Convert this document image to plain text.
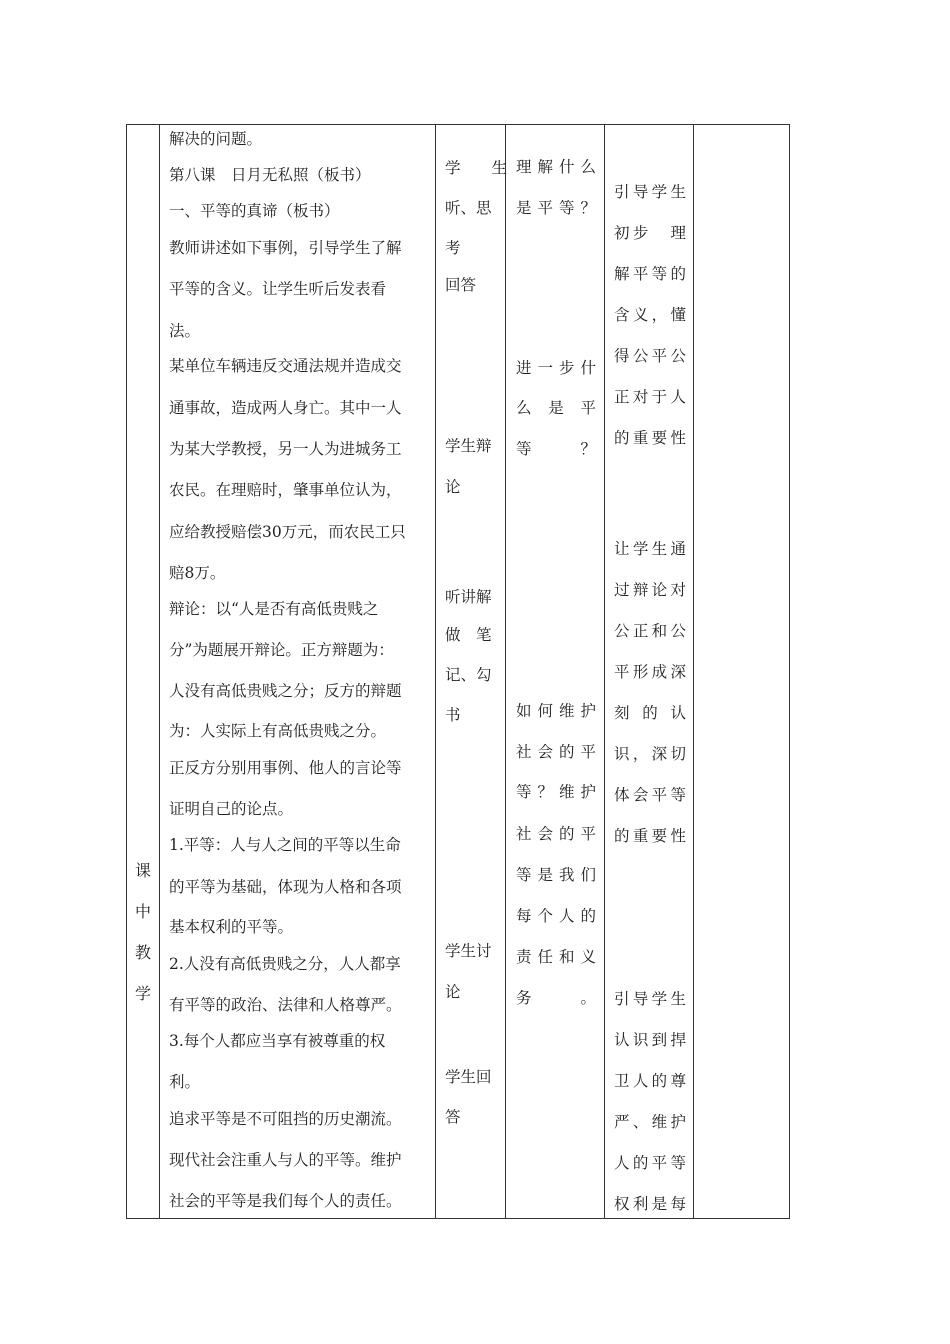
课
中
教
学
解决的问题。
第八课　日月无私照（板书）
一、平等的真谛（板书）
教师讲述如下事例，引导学生了解
平等的含义。让学生听后发表看
法。
某单位车辆违反交通法规并造成交
通事故，造成两人身亡。其中一人
为某大学教授，另一人为进城务工
农民。在理赔时，肇事单位认为，
应给教授赔偿30万元，而农民工只
赔8万。
辩论：以“人是否有高低贵贱之
分”为题展开辩论。正方辩题为：
人没有高低贵贱之分；反方的辩题
为：人实际上有高低贵贱之分。
正反方分别用事例、他人的言论等
证明自己的论点。
1.平等：人与人之间的平等以生命
的平等为基础，体现为人格和各项
基本权利的平等。
2.人没有高低贵贱之分，人人都享
有平等的政治、法律和人格尊严。
3.每个人都应当享有被尊重的权
利。
追求平等是不可阻挡的历史潮流。
现代社会注重人与人的平等。维护
社会的平等是我们每个人的责任。
学　　生
听、思
考
回答
学生辩
论
听讲解
做　笔
记、勾
书
学生讨
论
学生回
答
理解什么
是平等？
进一步什
么　是　平
等？
如何维护
社会的平
等？维护
社会的平
等是我们
每个人的
责任和义
务。
引导学生
初步　理
解平等的
含义，懂
得公平公
正对于人
的重要性
让学生通
过辩论对
公正和公
平形成深
刻的认
识，深切
体会平等
的重要性
引导学生
认识到捍
卫人的尊
严、维护
人的平等
权利是每
